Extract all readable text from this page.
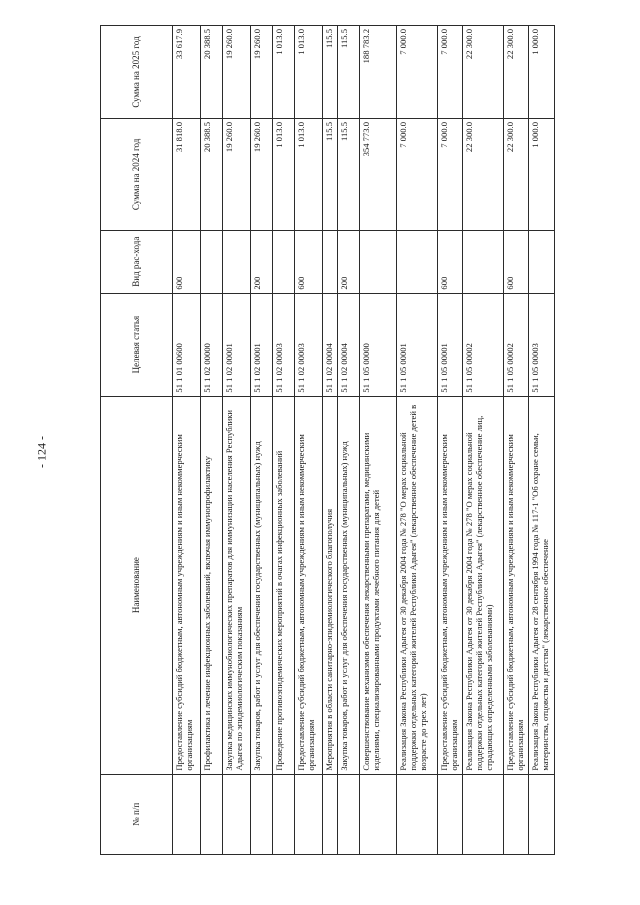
- 124 -
№ п/п	Наименование	Целевая статья	Вид рас-хода	Сумма на 2024 год	Сумма на 2025 год
	Предоставление субсидий бюджетным, автономным учреждениям и иным некоммерческим организациям	51 1 01 00600	600	31 818.0	33 617.9
	Профилактика и лечение инфекционных заболеваний, включая иммунопрофилактику	51 1 02 00000		20 388.5	20 388.5
	Закупка медицинских иммунобиологических препаратов для иммунизации населения Республики Адыгея по эпидемиологическим показаниям	51 1 02 00001		19 260.0	19 260.0
	Закупка товаров, работ и услуг для обеспечения государственных (муниципальных) нужд	51 1 02 00001	200	19 260.0	19 260.0
	Проведение противоэпидемических мероприятий в очагах инфекционных заболеваний	51 1 02 00003		1 013.0	1 013.0
	Предоставление субсидий бюджетным, автономным учреждениям и иным некоммерческим организациям	51 1 02 00003	600	1 013.0	1 013.0
	Мероприятия в области санитарно-эпидемиологического благополучия	51 1 02 00004		115.5	115.5
	Закупка товаров, работ и услуг для обеспечения государственных (муниципальных) нужд	51 1 02 00004	200	115.5	115.5
	Совершенствование механизмов обеспечения лекарственными препаратами, медицинскими изделиями, специализированными продуктами лечебного питания для детей	51 1 05 00000		354 773.0	188 783.2
	Реализация Закона Республики Адыгея от 30 декабря 2004 года № 278 "О мерах социальной поддержки отдельных категорий жителей Республики Адыгея" (лекарственное обеспечение детей в возрасте до трех лет)	51 1 05 00001		7 000.0	7 000.0
	Предоставление субсидий бюджетным, автономным учреждениям и иным некоммерческим организациям	51 1 05 00001	600	7 000.0	7 000.0
	Реализация Закона Республики Адыгея от 30 декабря 2004 года № 278 "О мерах социальной поддержки отдельных категорий жителей Республики Адыгея" (лекарственное обеспечение лиц, страдающих определенными заболеваниями)	51 1 05 00002		22 300.0	22 300.0
	Предоставление субсидий бюджетным, автономным учреждениям и иным некоммерческим организациям	51 1 05 00002	600	22 300.0	22 300.0
	Реализация Закона Республики Адыгея от 28 сентября 1994 года № 117-1 "Об охране семьи, материнства, отцовства и детства" (лекарственное обеспечение	51 1 05 00003		1 000.0	1 000.0
